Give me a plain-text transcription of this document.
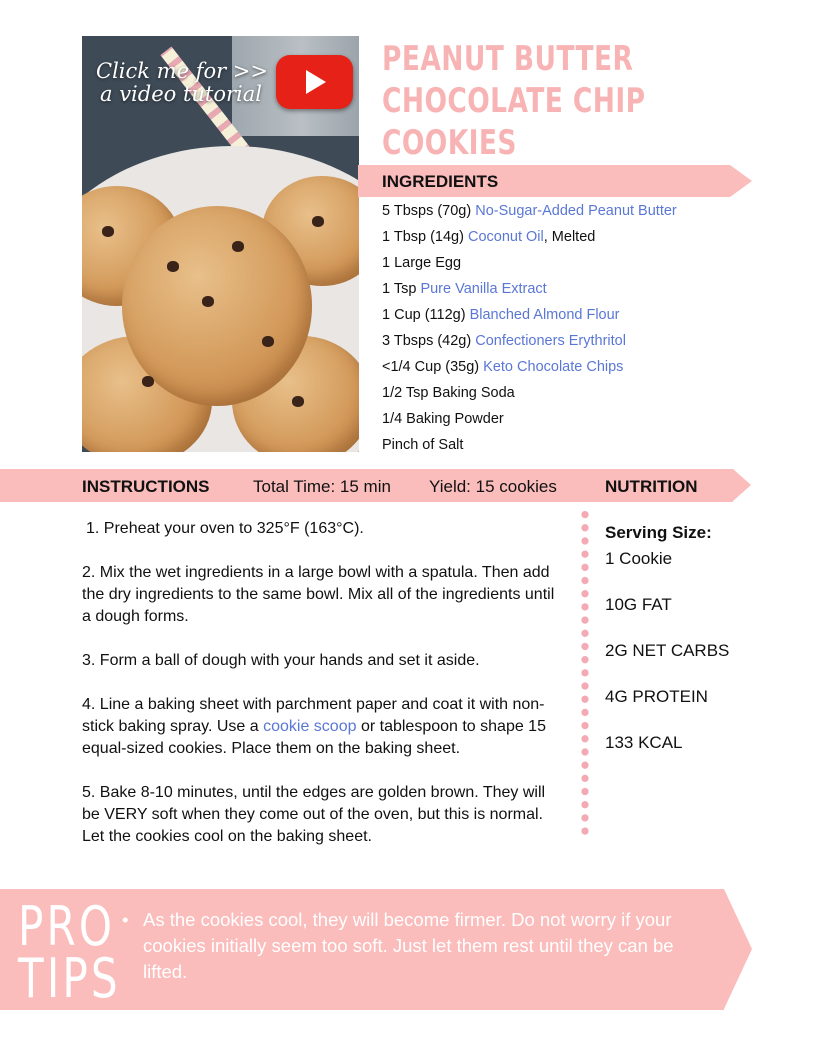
Click me for >>
a video tutorial
PEANUT BUTTER
CHOCOLATE CHIP
COOKIES
INGREDIENTS
5 Tbsps (70g) No-Sugar-Added Peanut Butter
1 Tbsp (14g) Coconut Oil, Melted
1 Large Egg
1 Tsp Pure Vanilla Extract
1 Cup (112g) Blanched Almond Flour
3 Tbsps (42g) Confectioners Erythritol
<1/4 Cup (35g) Keto Chocolate Chips
1/2 Tsp Baking Soda
1/4 Baking Powder
Pinch of Salt
INSTRUCTIONS	Total Time: 15 min Yield: 15 cookies	NUTRITION

1. Preheat your oven to 325°F (163°C).

2. Mix the wet ingredients in a large bowl with a spatula. Then add the dry ingredients to the same bowl. Mix all of the ingredients until a dough forms.

3. Form a ball of dough with your hands and set it aside.

4. Line a baking sheet with parchment paper and coat it with non-stick baking spray. Use a cookie scoop or tablespoon to shape 15 equal-sized cookies. Place them on the baking sheet.

5. Bake 8-10 minutes, until the edges are golden brown. They will be VERY soft when they come out of the oven, but this is normal. Let the cookies cool on the baking sheet.

Serving Size:
1 Cookie
10G FAT
2G NET CARBS
4G PROTEIN
133 KCAL
PRO
TIPS
• As the cookies cool, they will become firmer. Do not worry if your cookies initially seem too soft. Just let them rest until they can be lifted.
